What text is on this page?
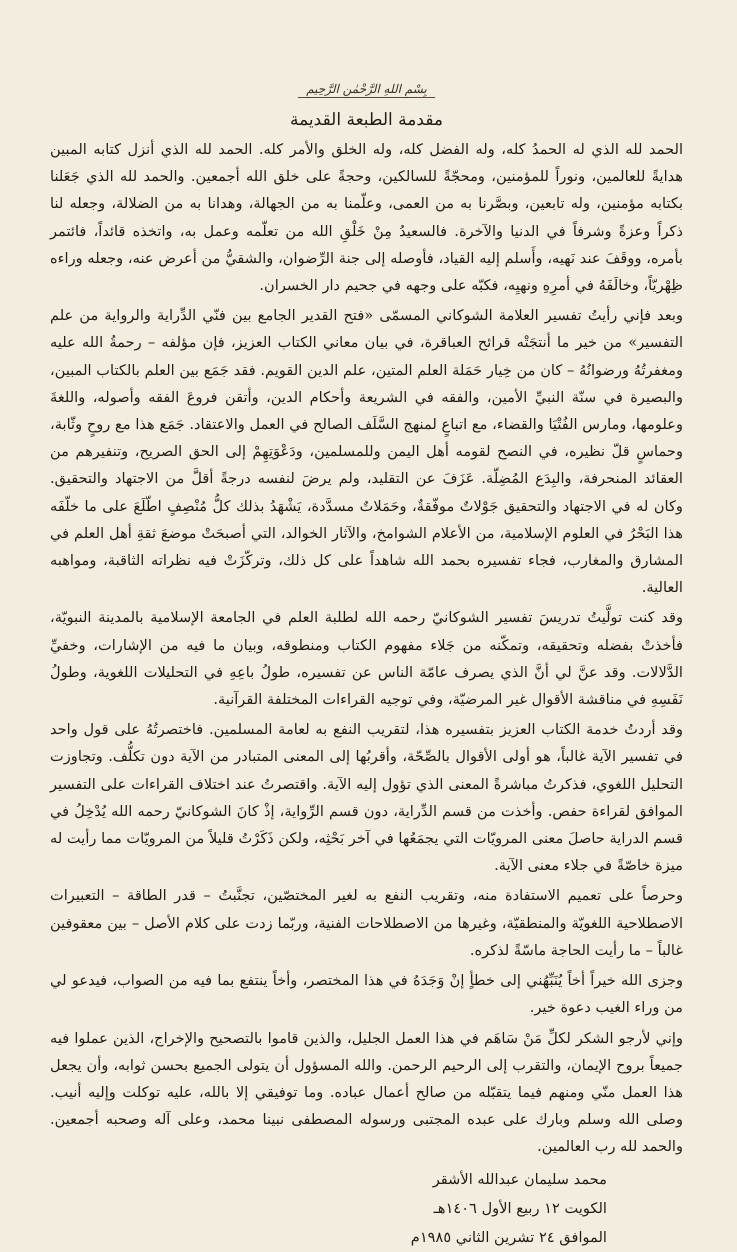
بِسْمِ اللهِ الرَّحْمٰنِ الرَّحِيمِ
مقدمة الطبعة القديمة

الحمد لله الذي له الحمدُ كله، وله الفضل كله، وله الخلق والأمر كله. الحمد لله الذي أنزل كتابه المبين هدايةً للعالمين، ونوراً للمؤمنين، ومحجّةً للسالكين، وحجةً على خلق الله أجمعين. والحمد لله الذي جَعَلنا بكتابه مؤمنين، وله تابعين، وبصَّرنا به من العمى، وعلّمنا به من الجهالة، وهدانا به من الضلالة، وجعله لنا ذكراً وعزةً وشرفاً في الدنيا والآخرة. فالسعيدُ مِنْ خَلْقِ الله من تعلّمه وعمل به، واتخذه قائداً، فائتمر بأمره، ووقَفَ عند نَهيه، وأَسلم إليه القياد، فأوصله إلى جنة الرِّضوان، والشقيُّ من أعرض عنه، وجعله وراءه ظِهْريّاً، وخالَفَهُ في أمرِهِ ونهيِه، فكبّه على وجهه في جحيم دار الخسران.

وبعد فإني رأيتُ تفسير العلامة الشوكاني المسمّى «فتح القدير الجامع بين فنّي الدِّراية والرواية من علم التفسير» من خير ما أنتجَتْه قرائح العباقرة، في بيان معاني الكتاب العزيز، فإن مؤلفه – رحمةُ الله عليه ومغفرتُهُ ورضوانُهُ – كان من خِيار حَمَلة العلم المتين، علم الدين القويم. فقد جَمَع بين العلم بالكتاب المبين، والبصيرة في سنّة النبيِّ الأمين، والفقه في الشريعة وأحكام الدين، وأتقن فروعَ الفقه وأصوله، واللغةَ وعلومها، ومارس الفُتْيَا والقضاء، مع اتباعٍ لمنهج السَّلَف الصالح في العمل والاعتقاد. جَمَع هذا مع روحٍ وثّابة، وحماسٍ قلّ نظيره، في النصح لقومه أهل اليمن وللمسلمين، ودَعْوَتِهِمْ إلى الحق الصريح، وتنفيرهم من العقائد المنحرفة، والبِدَع المُضِلّة. عَزَفَ عن التقليد، ولم يرضَ لنفسه درجةً أقلَّ من الاجتهاد والتحقيق. وكان له في الاجتهاد والتحقيق جَوْلاتٌ موفّقةٌ، وحَمَلاتٌ مسدَّدة، يَشْهَدُ بذلك كلُّ مُنْصِفٍ اطّلَعَ على ما خلّفَه هذا البَحْرُ في العلوم الإسلامية، من الأعلام الشوامخ، والآثار الخوالد، التي أصبحَتْ موضعَ ثقةِ أهل العلم في المشارق والمغارب، فجاء تفسيره بحمد الله شاهداً على كل ذلك، وتركّزَتْ فيه نظراته الثاقبة، ومواهبه العالية.

وقد كنت تولَّيتُ تدريسَ تفسير الشوكانيّ رحمه الله لطلبة العلم في الجامعة الإسلامية بالمدينة النبويّة، فأخذتْ بفضله وتحقيقه، وتمكّنه من جَلاء مفهوم الكتاب ومنطوقه، وبيان ما فيه من الإشارات، وخفيِّ الدَّلالات. وقد عنَّ لي أنَّ الذي يصرف عامّة الناس عن تفسيره، طولُ باعِهِ في التحليلات اللغوية، وطولُ نَفَسِهِ في مناقشة الأقوال غير المرضيّة، وفي توجيه القراءات المختلفة القرآنية.

وقد أردتُ خدمة الكتاب العزيز بتفسيره هذا، لتقريب النفع به لعامة المسلمين. فاختصرتُهُ على قول واحد في تفسير الآية غالباً، هو أولى الأقوال بالصِّحّة، وأقربُها إلى المعنى المتبادر من الآية دون تكلُّف. وتجاوزت التحليل اللغوي، فذكرتُ مباشرةً المعنى الذي تؤول إليه الآية. واقتصرتُ عند اختلاف القراءات على التفسير الموافق لقراءة حفص. وأخذت من قسم الدِّراية، دون قسم الرِّواية، إذْ كانَ الشوكانيّ رحمه الله يُدْخِلُ في قسم الدراية حاصلَ معنى المرويّات التي يجمَعُها في آخر بَحْثِه، ولكن ذَكَرْتُ قليلاً من المرويّات مما رأيت له ميزة خاصّةً في جلاء معنى الآية.

وحرصاً على تعميم الاستفادة منه، وتقريب النفع به لغير المختصّين، تجنَّبتُ – قدر الطاقة – التعبيرات الاصطلاحية اللغويّة والمنطقيّة، وغيرها من الاصطلاحات الفنية، وربّما زدت على كلام الأصل – بين معقوفين غالباً – ما رأيت الحاجة ماسّةً لذكره.

وجزى الله خيراً أخاً يُنَبِّهُني إلى خطأٍ إنْ وَجَدَهُ في هذا المختصر، وأخاً ينتفع بما فيه من الصواب، فيدعو لي من وراء الغيب دعوة خير.

وإني لأرجو الشكر لكلِّ مَنْ سَاهَم في هذا العمل الجليل، والذين قاموا بالتصحيح والإخراج، الذين عملوا فيه جميعاً بروح الإيمان، والتقرب إلى الرحيم الرحمن. والله المسؤول أن يتولى الجميع بحسن ثوابه، وأن يجعل هذا العمل منّي ومنهم فيما يتقبّله من صالح أعمال عباده. وما توفيقي إلا بالله، عليه توكلت وإليه أنيب. وصلى الله وسلم وبارك على عبده المجتبى ورسوله المصطفى نبينا محمد، وعلى آله وصحبه أجمعين. والحمد لله رب العالمين.

محمد سليمان عبدالله الأشقر
الكويت ١٢ ربيع الأول ١٤٠٦هـ
الموافق ٢٤ تشرين الثاني ١٩٨٥م
